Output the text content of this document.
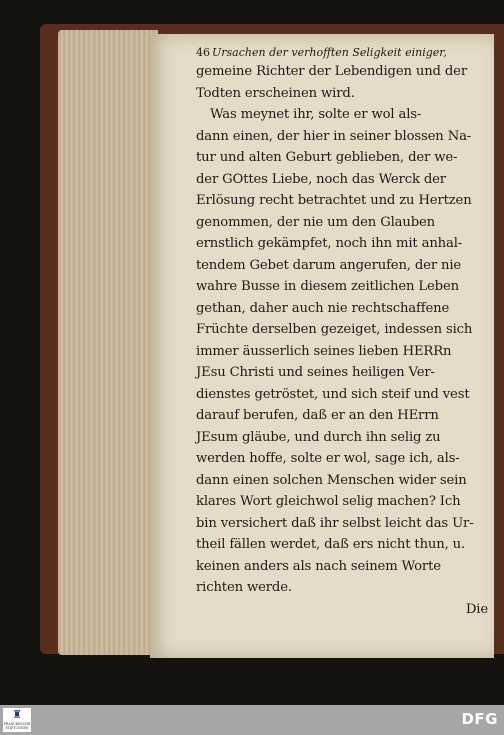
46 Ursachen der verhofften Seligkeit einiger,
gemeine Richter der Lebendigen und der
Todten erscheinen wird.
Was meynet ihr, solte er wol als-
dann einen, der hier in seiner blossen Na-
tur und alten Geburt geblieben, der we-
der GOttes Liebe, noch das Werck der
Erlösung recht betrachtet und zu Hertzen
genommen, der nie um den Glauben
ernstlich gekämpfet, noch ihn mit anhal-
tendem Gebet darum angerufen, der nie
wahre Busse in diesem zeitlichen Leben
gethan, daher auch nie rechtschaffene
Früchte derselben gezeiget, indessen sich
immer äusserlich seines lieben HERRn
JEsu Christi und seines heiligen Ver-
dienstes getröstet, und sich steif und vest
darauf berufen, daß er an den HErrn
JEsum gläube, und durch ihn selig zu
werden hoffe, solte er wol, sage ich, als-
dann einen solchen Menschen wider sein
klares Wort gleichwol selig machen? Ich
bin versichert daß ihr selbst leicht das Ur-
theil fällen werdet, daß ers nicht thun, u.
keinen anders als nach seinem Worte
richten werde.
Die
♜
FRANCKESCHE STIFTUNGEN	DFG
